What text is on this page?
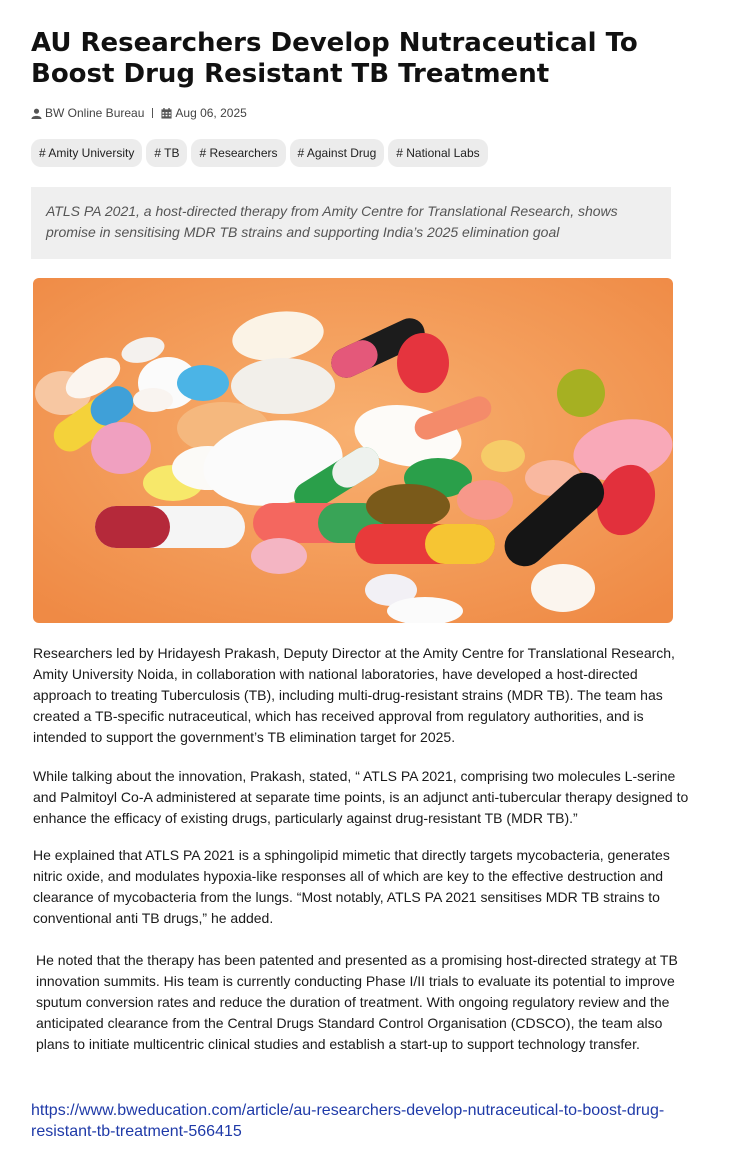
AU Researchers Develop Nutraceutical To Boost Drug Resistant TB Treatment
BW Online Bureau	Aug 06, 2025
# Amity University	# TB	# Researchers	# Against Drug	# National Labs
ATLS PA 2021, a host-directed therapy from Amity Centre for Translational Research, shows promise in sensitising MDR TB strains and supporting India’s 2025 elimination goal

Researchers led by Hridayesh Prakash, Deputy Director at the Amity Centre for Translational Research, Amity University Noida, in collaboration with national laboratories, have developed a host-directed approach to treating Tuberculosis (TB), including multi-drug-resistant strains (MDR TB). The team has created a TB-specific nutraceutical, which has received approval from regulatory authorities, and is intended to support the government’s TB elimination target for 2025.

While talking about the innovation, Prakash, stated, “ ATLS PA 2021, comprising two molecules L-serine and Palmitoyl Co-A administered at separate time points, is an adjunct anti-tubercular therapy designed to enhance the efficacy of existing drugs, particularly against drug-resistant TB (MDR TB).”

He explained that ATLS PA 2021 is a sphingolipid mimetic that directly targets mycobacteria, generates nitric oxide, and modulates hypoxia-like responses all of which are key to the effective destruction and clearance of mycobacteria from the lungs. “Most notably, ATLS PA 2021 sensitises MDR TB strains to conventional anti TB drugs,” he added.

He noted that the therapy has been patented and presented as a promising host-directed strategy at TB innovation summits. His team is currently conducting Phase I/II trials to evaluate its potential to improve sputum conversion rates and reduce the duration of treatment. With ongoing regulatory review and the anticipated clearance from the Central Drugs Standard Control Organisation (CDSCO), the team also plans to initiate multicentric clinical studies and establish a start-up to support technology transfer.

https://www.bweducation.com/article/au-researchers-develop-nutraceutical-to-boost-drug-resistant-tb-treatment-566415
